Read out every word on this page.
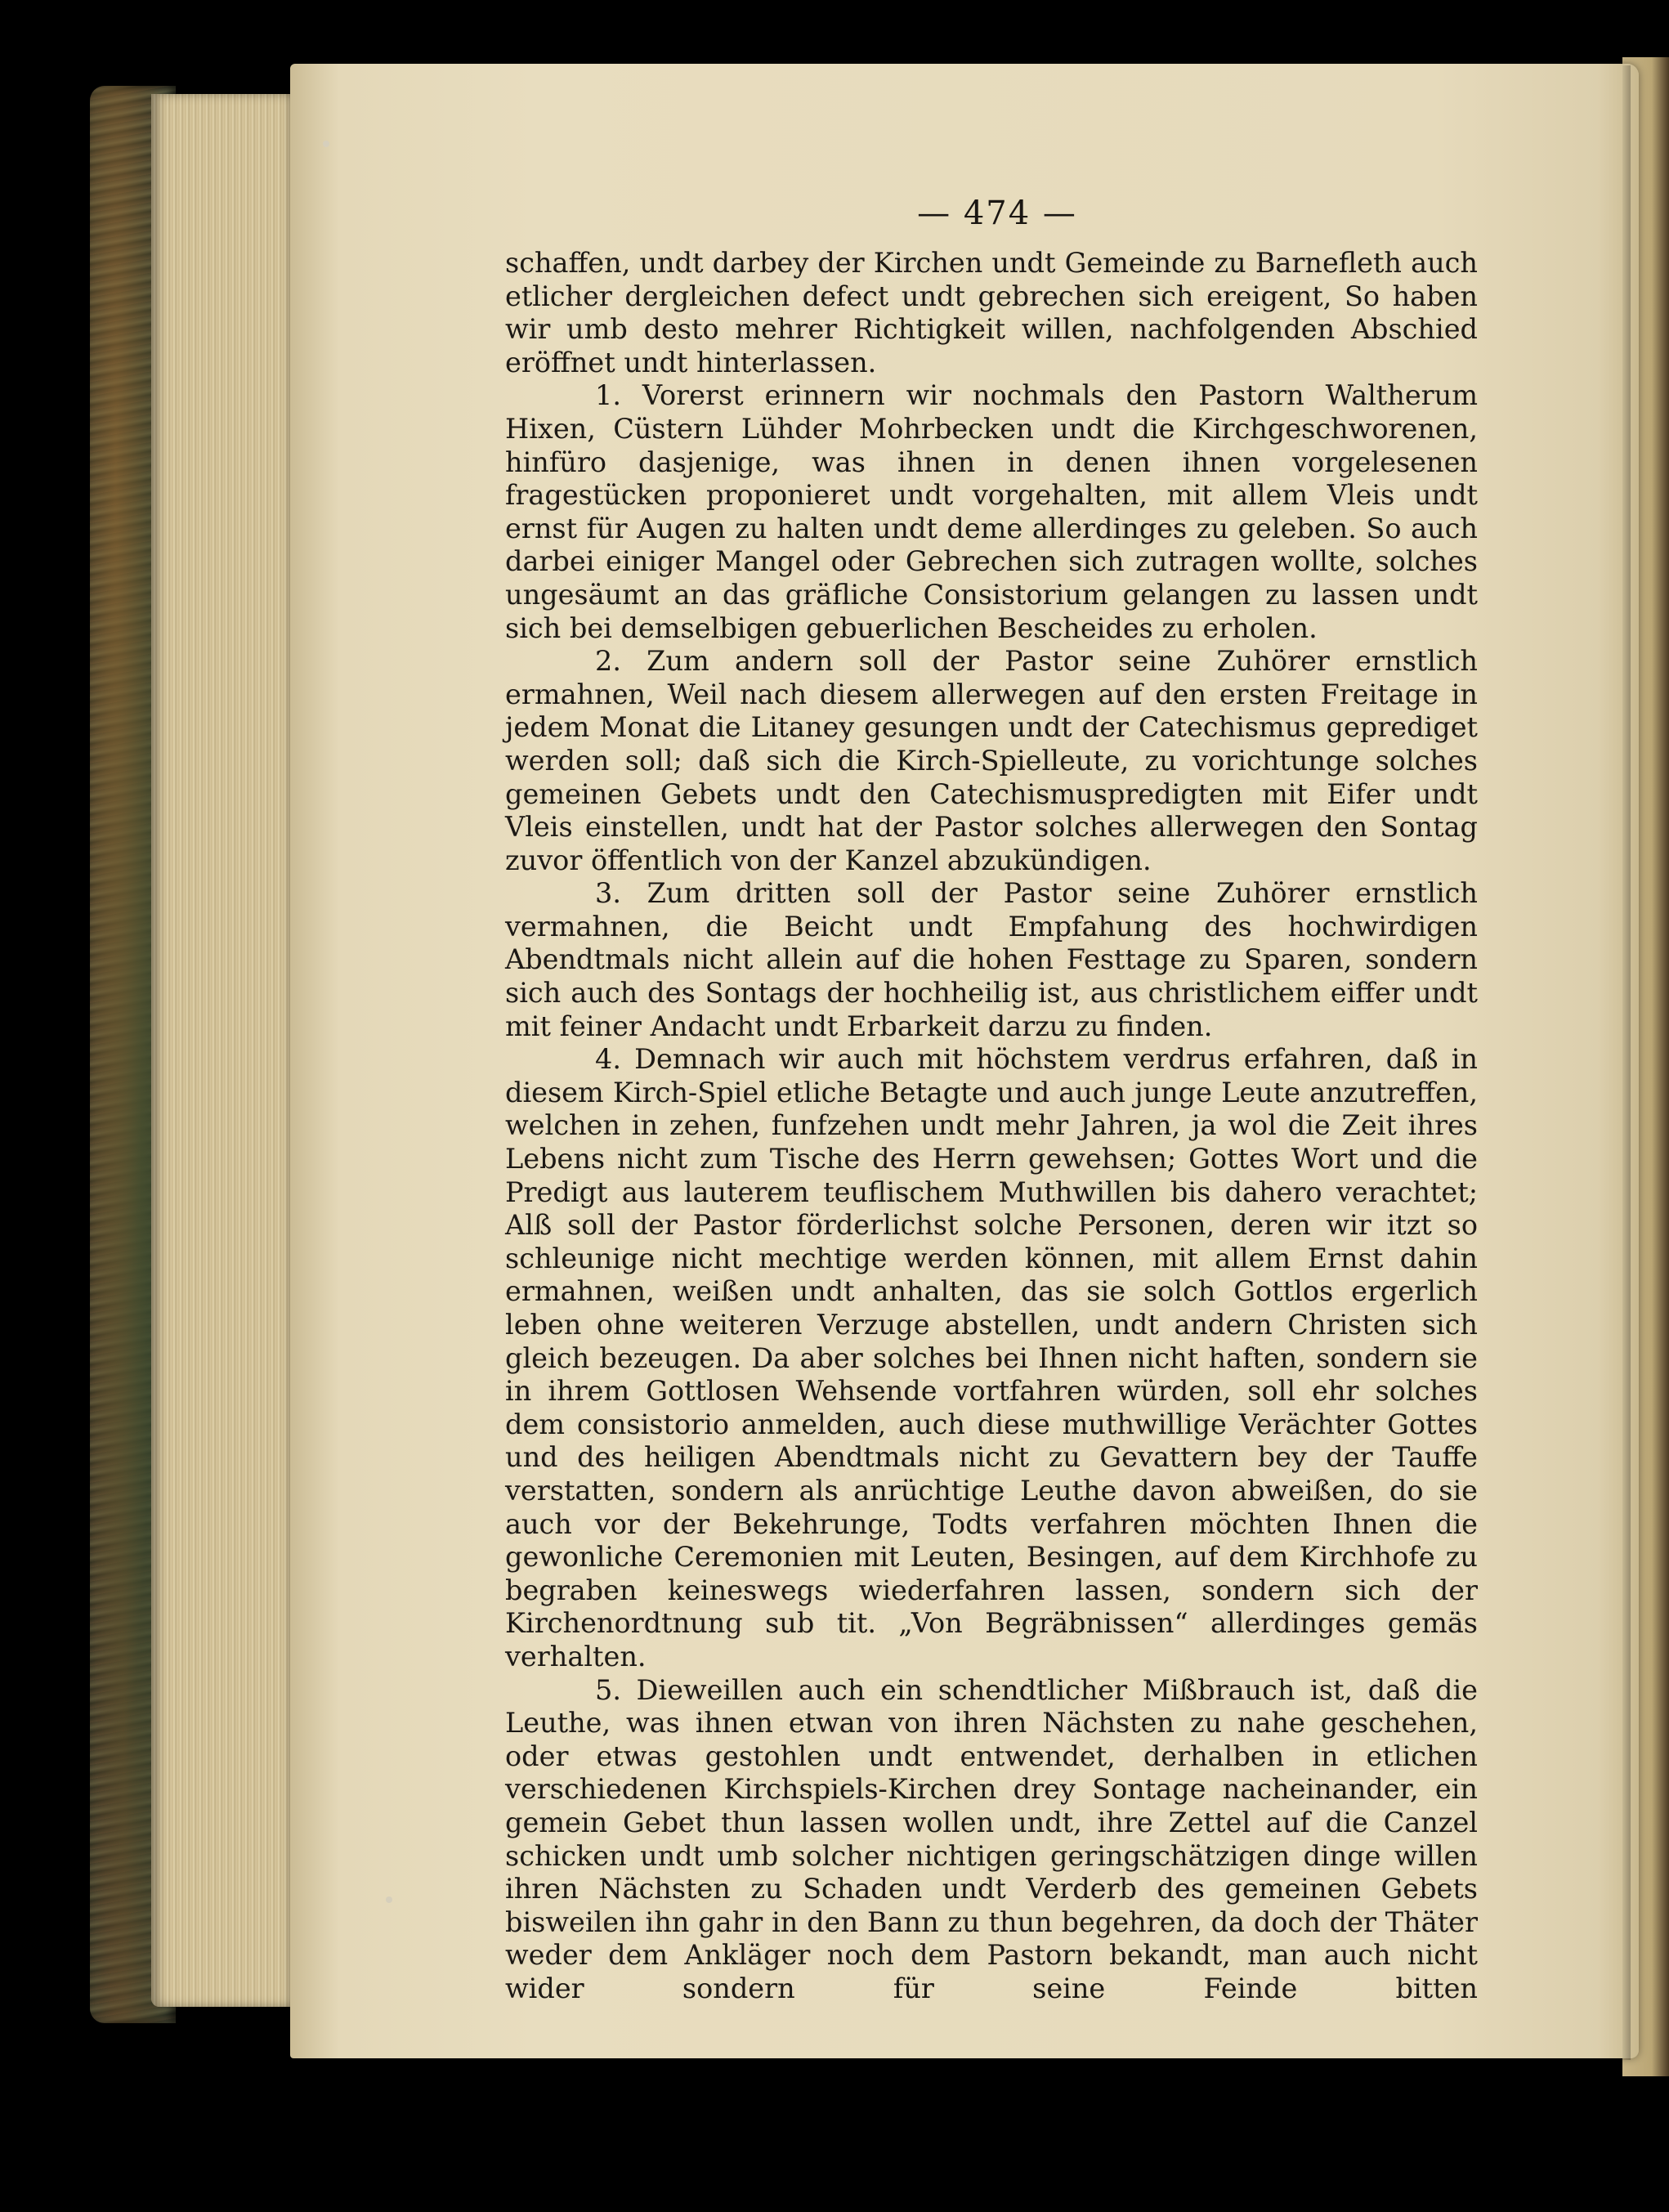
— 474 —

schaffen, undt darbey der Kirchen undt Gemeinde zu Barnefleth auch etlicher dergleichen defect undt gebrechen sich ereigent, So haben wir umb desto mehrer Richtigkeit willen, nachfolgenden Abschied eröffnet undt hinterlassen.

1. Vorerst erinnern wir nochmals den Pastorn Waltherum Hixen, Cüstern Lühder Mohrbecken undt die Kirchgeschworenen, hinfüro dasjenige, was ihnen in denen ihnen vorgelesenen fragestücken proponieret undt vorgehalten, mit allem Vleis undt ernst für Augen zu halten undt deme allerdinges zu geleben. So auch darbei einiger Mangel oder Gebrechen sich zutragen wollte, solches ungesäumt an das gräfliche Consistorium gelangen zu lassen undt sich bei demselbigen gebuerlichen Bescheides zu erholen.

2. Zum andern soll der Pastor seine Zuhörer ernstlich ermahnen, Weil nach diesem allerwegen auf den ersten Freitage in jedem Monat die Litaney gesungen undt der Catechismus geprediget werden soll; daß sich die Kirch-Spielleute, zu vorichtunge solches gemeinen Gebets undt den Catechismuspredigten mit Eifer undt Vleis einstellen, undt hat der Pastor solches allerwegen den Sontag zuvor öffentlich von der Kanzel abzukündigen.

3. Zum dritten soll der Pastor seine Zuhörer ernstlich vermahnen, die Beicht undt Empfahung des hochwirdigen Abendtmals nicht allein auf die hohen Festtage zu Sparen, sondern sich auch des Sontags der hochheilig ist, aus christlichem eiffer undt mit feiner Andacht undt Erbarkeit darzu zu finden.

4. Demnach wir auch mit höchstem verdrus erfahren, daß in diesem Kirch-Spiel etliche Betagte und auch junge Leute anzutreffen, welchen in zehen, funfzehen undt mehr Jahren, ja wol die Zeit ihres Lebens nicht zum Tische des Herrn gewehsen; Gottes Wort und die Predigt aus lauterem teuflischem Muthwillen bis dahero verachtet; Alß soll der Pastor förderlichst solche Personen, deren wir itzt so schleunige nicht mechtige werden können, mit allem Ernst dahin ermahnen, weißen undt anhalten, das sie solch Gottlos ergerlich leben ohne weiteren Verzuge abstellen, undt andern Christen sich gleich bezeugen. Da aber solches bei Ihnen nicht haften, sondern sie in ihrem Gottlosen Wehsende vortfahren würden, soll ehr solches dem consistorio anmelden, auch diese muthwillige Verächter Gottes und des heiligen Abendtmals nicht zu Gevattern bey der Tauffe verstatten, sondern als anrüchtige Leuthe davon abweißen, do sie auch vor der Bekehrunge, Todts verfahren möchten Ihnen die gewonliche Ceremonien mit Leuten, Besingen, auf dem Kirchhofe zu begraben keineswegs wiederfahren lassen, sondern sich der Kirchenordtnung sub tit. „Von Begräbnissen“ allerdinges gemäs verhalten.

5. Dieweillen auch ein schendtlicher Mißbrauch ist, daß die Leuthe, was ihnen etwan von ihren Nächsten zu nahe geschehen, oder etwas gestohlen undt entwendet, derhalben in etlichen verschiedenen Kirchspiels-Kirchen drey Sontage nacheinander, ein gemein Gebet thun lassen wollen undt, ihre Zettel auf die Canzel schicken undt umb solcher nichtigen geringschätzigen dinge willen ihren Nächsten zu Schaden undt Verderb des gemeinen Gebets bisweilen ihn gahr in den Bann zu thun begehren, da doch der Thäter weder dem Ankläger noch dem Pastorn bekandt, man auch nicht wider sondern für seine Feinde bitten
